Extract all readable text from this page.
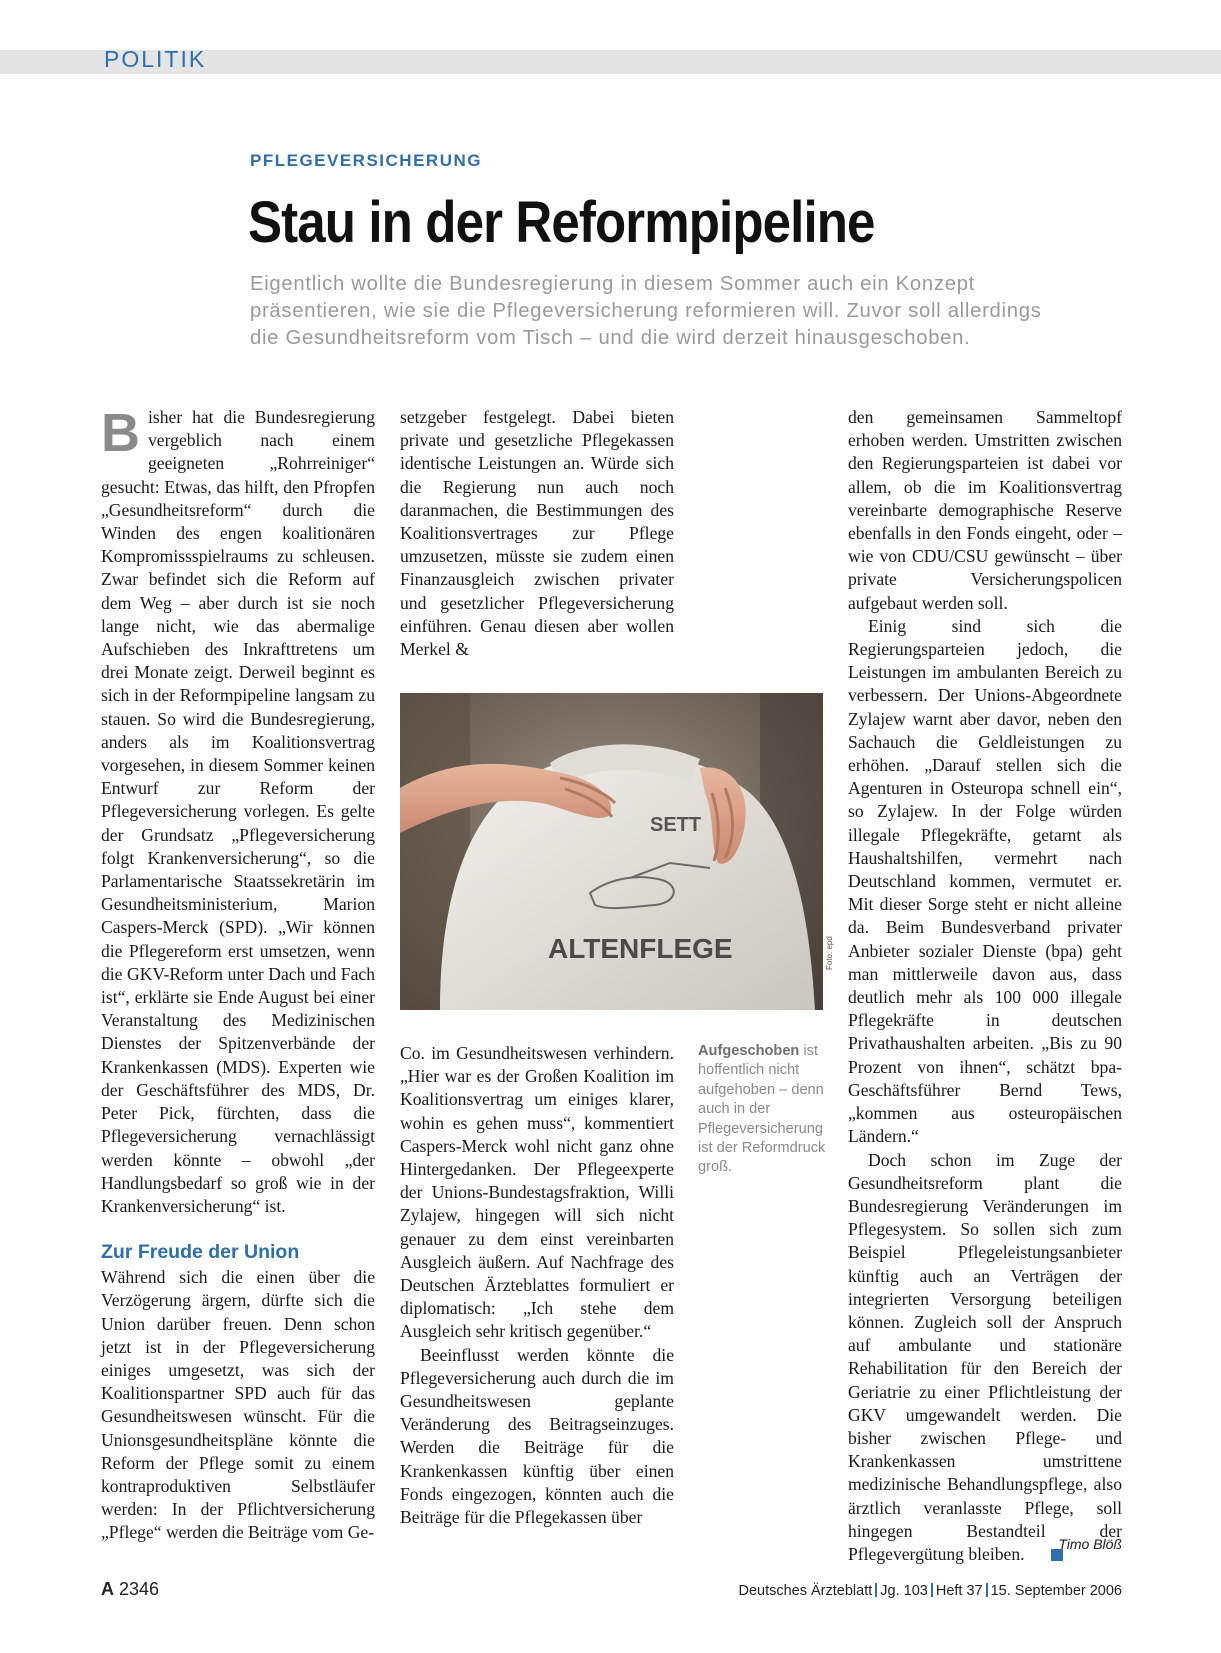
POLITIK
PFLEGEVERSICHERUNG
Stau in der Reformpipeline
Eigentlich wollte die Bundesregierung in diesem Sommer auch ein Konzept
präsentieren, wie sie die Pflegeversicherung reformieren will. Zuvor soll allerdings
die Gesundheitsreform vom Tisch – und die wird derzeit hinausgeschoben.

Bisher hat die Bundesregierung vergeblich nach einem geeigneten „Rohrreiniger“ gesucht: Etwas, das hilft, den Pfropfen „Gesundheitsreform“ durch die Winden des engen koalitionären Kompromissspielraums zu schleusen. Zwar befindet sich die Reform auf dem Weg – aber durch ist sie noch lange nicht, wie das abermalige Aufschieben des Inkrafttretens um drei Monate zeigt. Derweil beginnt es sich in der Reformpipeline langsam zu stauen. So wird die Bundesregierung, anders als im Koalitionsvertrag vorgesehen, in diesem Sommer keinen Entwurf zur Reform der Pflegeversicherung vorlegen. Es gelte der Grundsatz „Pflegeversicherung folgt Krankenversicherung“, so die Parlamentarische Staatssekretärin im Gesundheitsministerium, Marion Caspers-Merck (SPD). „Wir können die Pflegereform erst umsetzen, wenn die GKV-Reform unter Dach und Fach ist“, erklärte sie Ende August bei einer Veranstaltung des Medizinischen Dienstes der Spitzenverbände der Krankenkassen (MDS). Experten wie der Geschäftsführer des MDS, Dr. Peter Pick, fürchten, dass die Pflegeversicherung vernachlässigt werden könnte – obwohl „der Handlungsbedarf so groß wie in der Krankenversicherung“ ist.

Zur Freude der Union

Während sich die einen über die Verzögerung ärgern, dürfte sich die Union darüber freuen. Denn schon jetzt ist in der Pflegeversicherung einiges umgesetzt, was sich der Koalitionspartner SPD auch für das Gesundheitswesen wünscht. Für die Unionsgesundheitspläne könnte die Reform der Pflege somit zu einem kontraproduktiven Selbstläufer werden: In der Pflichtversicherung „Pflege“ werden die Beiträge vom Ge-

setzgeber festgelegt. Dabei bieten private und gesetzliche Pflegekassen identische Leistungen an. Würde sich die Regierung nun auch noch daranmachen, die Bestimmungen des Koalitionsvertrages zur Pflege umzusetzen, müsste sie zudem einen Finanzausgleich zwischen privater und gesetzlicher Pflegeversicherung einführen. Genau diesen aber wollen Merkel &

SETT
ALTENFLEGE	Foto: epd
Aufgeschoben ist hoffentlich nicht aufgehoben – denn auch in der Pflegeversicherung ist der Reformdruck groß.

Co. im Gesundheitswesen verhindern. „Hier war es der Großen Koalition im Koalitionsvertrag um einiges klarer, wohin es gehen muss“, kommentiert Caspers-Merck wohl nicht ganz ohne Hintergedanken. Der Pflegeexperte der Unions-Bundestagsfraktion, Willi Zylajew, hingegen will sich nicht genauer zu dem einst vereinbarten Ausgleich äußern. Auf Nachfrage des Deutschen Ärzteblattes formuliert er diplomatisch: „Ich stehe dem Ausgleich sehr kritisch gegenüber.“

Beeinflusst werden könnte die Pflegeversicherung auch durch die im Gesundheitswesen geplante Veränderung des Beitragseinzuges. Werden die Beiträge für die Krankenkassen künftig über einen Fonds eingezogen, könnten auch die Beiträge für die Pflegekassen über

den gemeinsamen Sammeltopf erhoben werden. Umstritten zwischen den Regierungsparteien ist dabei vor allem, ob die im Koalitionsvertrag vereinbarte demographische Reserve ebenfalls in den Fonds eingeht, oder – wie von CDU/CSU gewünscht – über private Versicherungspolicen aufgebaut werden soll.

Einig sind sich die Regierungsparteien jedoch, die Leistungen im ambulanten Bereich zu verbessern. Der Unions-Abgeordnete Zylajew warnt aber davor, neben den Sachauch die Geldleistungen zu erhöhen. „Darauf stellen sich die Agenturen in Osteuropa schnell ein“, so Zylajew. In der Folge würden illegale Pflegekräfte, getarnt als Haushaltshilfen, vermehrt nach Deutschland kommen, vermutet er. Mit dieser Sorge steht er nicht alleine da. Beim Bundesverband privater Anbieter sozialer Dienste (bpa) geht man mittlerweile davon aus, dass deutlich mehr als 100 000 illegale Pflegekräfte in deutschen Privathaushalten arbeiten. „Bis zu 90 Prozent von ihnen“, schätzt bpa-Geschäftsführer Bernd Tews, „kommen aus osteuropäischen Ländern.“

Doch schon im Zuge der Gesundheitsreform plant die Bundesregierung Veränderungen im Pflegesystem. So sollen sich zum Beispiel Pflegeleistungsanbieter künftig auch an Verträgen der integrierten Versorgung beteiligen können. Zugleich soll der Anspruch auf ambulante und stationäre Rehabilitation für den Bereich der Geriatrie zu einer Pflichtleistung der GKV umgewandelt werden. Die bisher zwischen Pflege- und Krankenkassen umstrittene medizinische Behandlungspflege, also ärztlich veranlasste Pflege, soll hingegen Bestandteil der Pflegevergütung bleiben.	Timo Blöß
A 2346	Deutsches Ärzteblatt Jg. 103 Heft 37 15. September 2006
